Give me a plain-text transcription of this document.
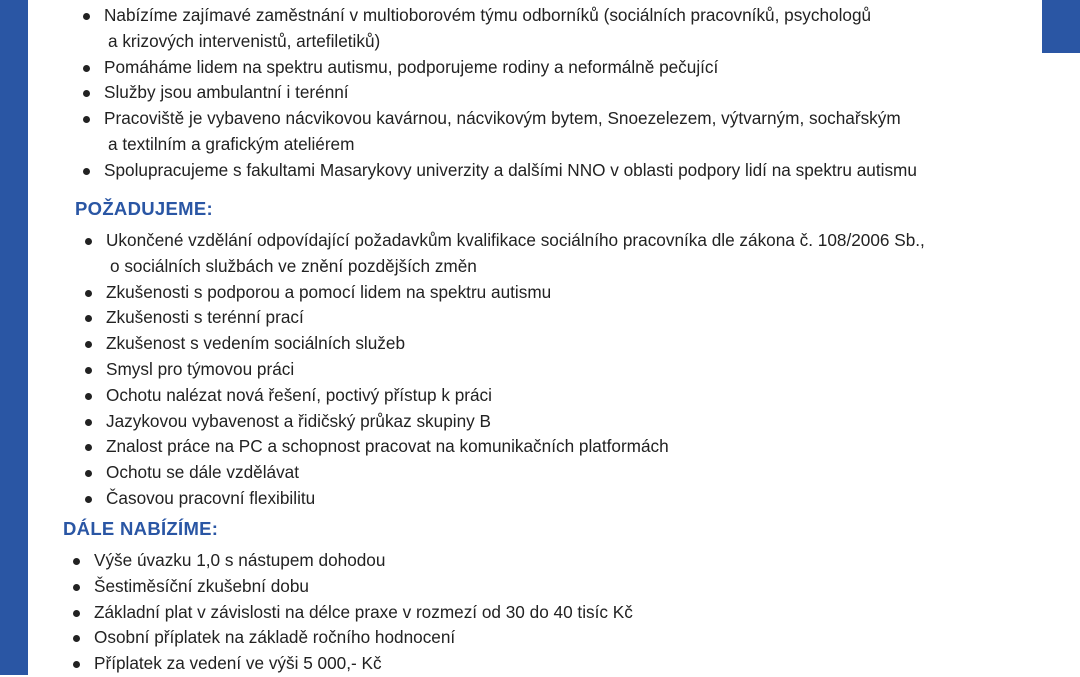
Nabízíme zajímavé zaměstnání v multioborovém týmu odborníků (sociálních pracovníků, psychologů
a krizových intervenistů, artefiletiků)
Pomáháme lidem na spektru autismu, podporujeme rodiny a neformálně pečující
Služby jsou ambulantní i terénní
Pracoviště je vybaveno nácvikovou kavárnou, nácvikovým bytem, Snoezelezem, výtvarným, sochařským
a textilním a grafickým ateliérem
Spolupracujeme s fakultami Masarykovy univerzity a dalšími NNO v oblasti podpory lidí na spektru autismu
POŽADUJEME:
Ukončené vzdělání odpovídající požadavkům kvalifikace sociálního pracovníka dle zákona č. 108/2006 Sb.,
o sociálních službách ve znění pozdějších změn
Zkušenosti s podporou a pomocí lidem na spektru autismu
Zkušenosti s terénní prací
Zkušenost s vedením sociálních služeb
Smysl pro týmovou práci
Ochotu nalézat nová řešení, poctivý přístup k práci
Jazykovou vybavenost a řidičský průkaz skupiny B
Znalost práce na PC a schopnost pracovat na komunikačních platformách
Ochotu se dále vzdělávat
Časovou pracovní flexibilitu
DÁLE NABÍZÍME:
Výše úvazku 1,0 s nástupem dohodou
Šestiměsíční zkušební dobu
Základní plat v závislosti na délce praxe v rozmezí od 30 do 40 tisíc Kč
Osobní příplatek na základě ročního hodnocení
Příplatek za vedení ve výši 5 000,- Kč
